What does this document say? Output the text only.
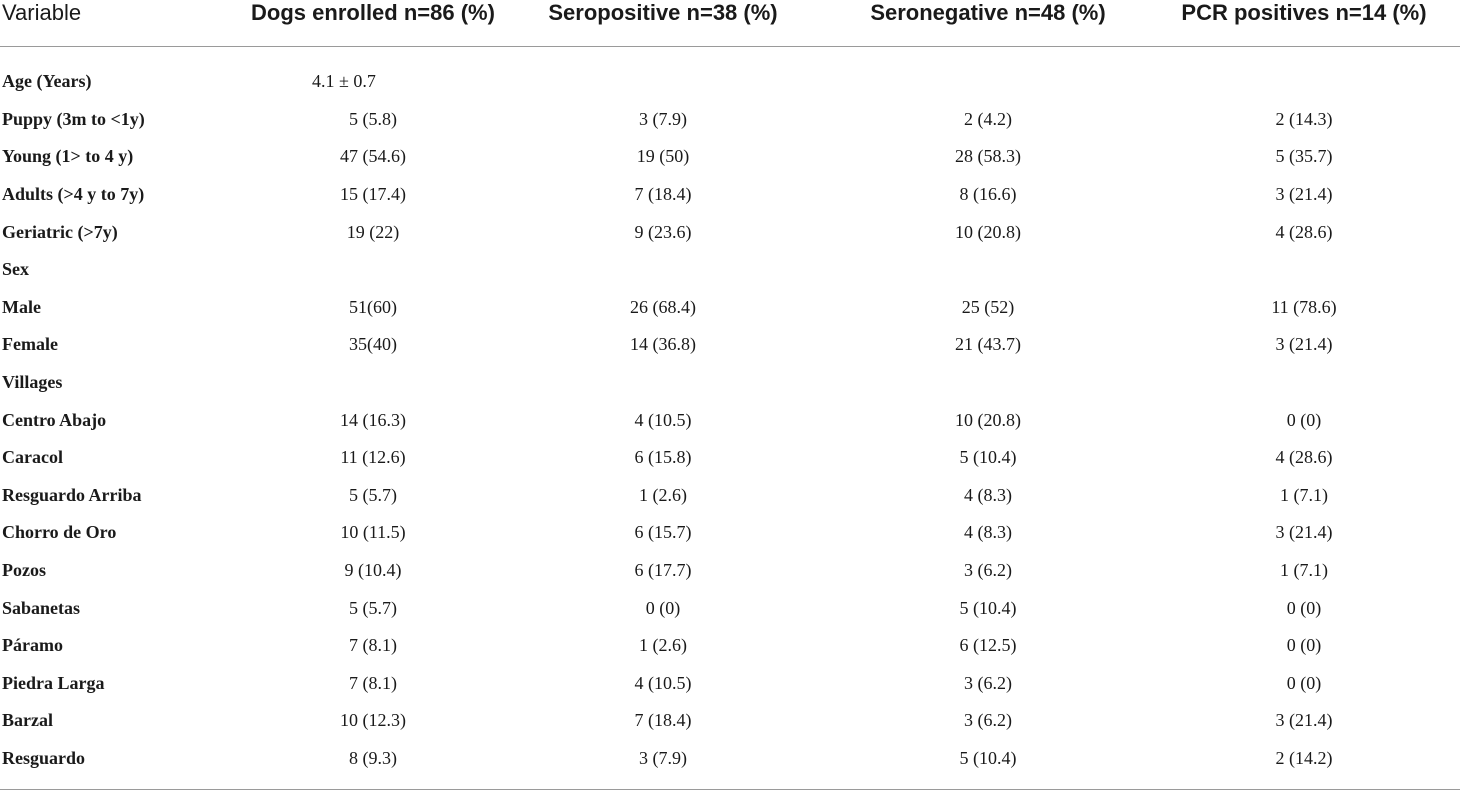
Variable	Dogs enrolled n=86 (%)	Seropositive n=38 (%)	Seronegative n=48 (%)	PCR positives n=14 (%)
Age (Years)	4.1 ± 0.7			
Puppy (3m to <1y)	5 (5.8)	3 (7.9)	2 (4.2)	2 (14.3)
Young (1> to 4 y)	47 (54.6)	19 (50)	28 (58.3)	5 (35.7)
Adults (>4 y to 7y)	15 (17.4)	7 (18.4)	8 (16.6)	3 (21.4)
Geriatric (>7y)	19 (22)	9 (23.6)	10 (20.8)	4 (28.6)
Sex				
Male	51(60)	26 (68.4)	25 (52)	11 (78.6)
Female	35(40)	14 (36.8)	21 (43.7)	3 (21.4)
Villages				
Centro Abajo	14 (16.3)	4 (10.5)	10 (20.8)	0 (0)
Caracol	11 (12.6)	6 (15.8)	5 (10.4)	4 (28.6)
Resguardo Arriba	5 (5.7)	1 (2.6)	4 (8.3)	1 (7.1)
Chorro de Oro	10 (11.5)	6 (15.7)	4 (8.3)	3 (21.4)
Pozos	9 (10.4)	6 (17.7)	3 (6.2)	1 (7.1)
Sabanetas	5 (5.7)	0 (0)	5 (10.4)	0 (0)
Páramo	7 (8.1)	1 (2.6)	6 (12.5)	0 (0)
Piedra Larga	7 (8.1)	4 (10.5)	3 (6.2)	0 (0)
Barzal	10 (12.3)	7 (18.4)	3 (6.2)	3 (21.4)
Resguardo	8 (9.3)	3 (7.9)	5 (10.4)	2 (14.2)
